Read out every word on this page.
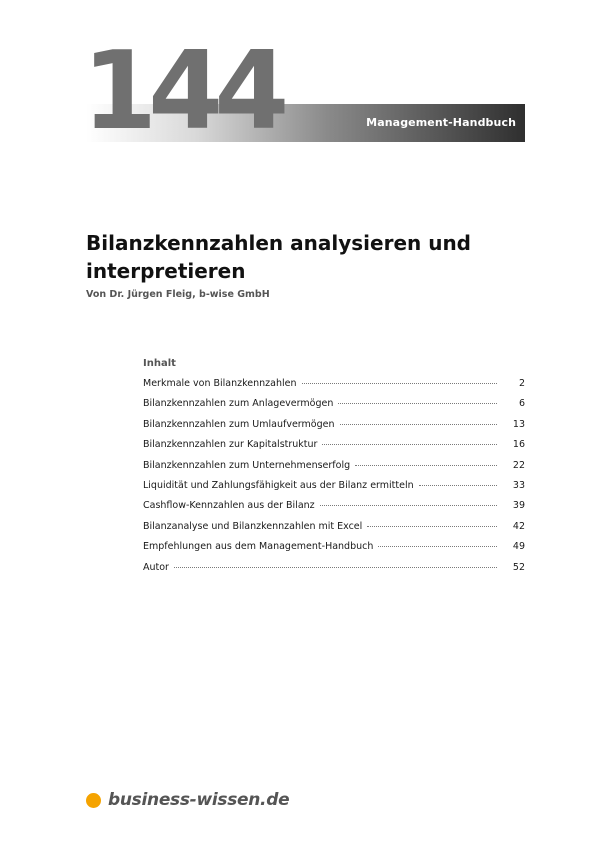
Management-Handbuch
144
Bilanzkennzahlen analysieren und interpretieren
Von Dr. Jürgen Fleig, b-wise GmbH
Inhalt
Merkmale von Bilanzkennzahlen	2
Bilanzkennzahlen zum Anlagevermögen	6
Bilanzkennzahlen zum Umlaufvermögen	13
Bilanzkennzahlen zur Kapitalstruktur	16
Bilanzkennzahlen zum Unternehmenserfolg	22
Liquidität und Zahlungsfähigkeit aus der Bilanz ermitteln	33
Cashflow-Kennzahlen aus der Bilanz	39
Bilanzanalyse und Bilanzkennzahlen mit Excel	42
Empfehlungen aus dem Management-Handbuch	49
Autor	52
business-wissen.de
